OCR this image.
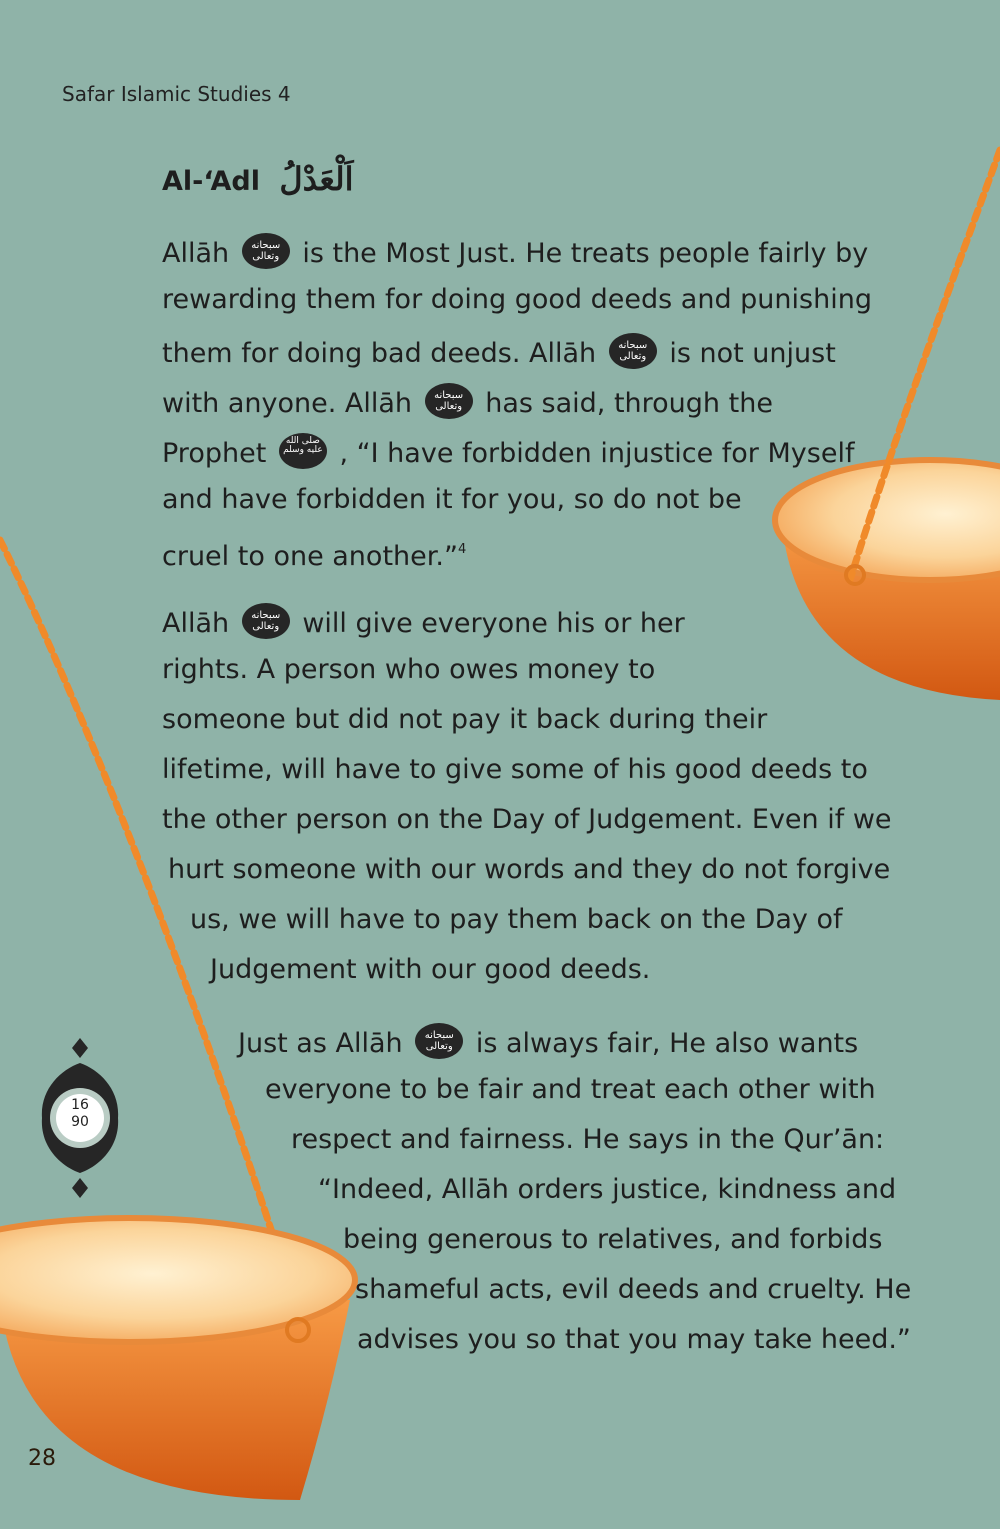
Safar Islamic Studies 4
Al-‘Adl اَلْعَدْلُ
Allāh سبحانه وتعالى is the Most Just. He treats people fairly by
rewarding them for doing good deeds and punishing
them for doing bad deeds. Allāh سبحانه وتعالى is not unjust
with anyone. Allāh سبحانه وتعالى has said, through the
Prophet صلى الله عليه وسلم , “I have forbidden injustice for Myself
and have forbidden it for you, so do not be
cruel to one another.”$^4$
Allāh سبحانه وتعالى will give everyone his or her
rights. A person who owes money to
someone but did not pay it back during their
lifetime, will have to give some of his good deeds to
the other person on the Day of Judgement. Even if we
hurt someone with our words and they do not forgive
us, we will have to pay them back on the Day of
Judgement with our good deeds.
Just as Allāh سبحانه وتعالى is always fair, He also wants
everyone to be fair and treat each other with
respect and fairness. He says in the Qur’ān:
“Indeed, Allāh orders justice, kindness and
being generous to relatives, and forbids
shameful acts, evil deeds and cruelty. He
advises you so that you may take heed.”
16
90
28
